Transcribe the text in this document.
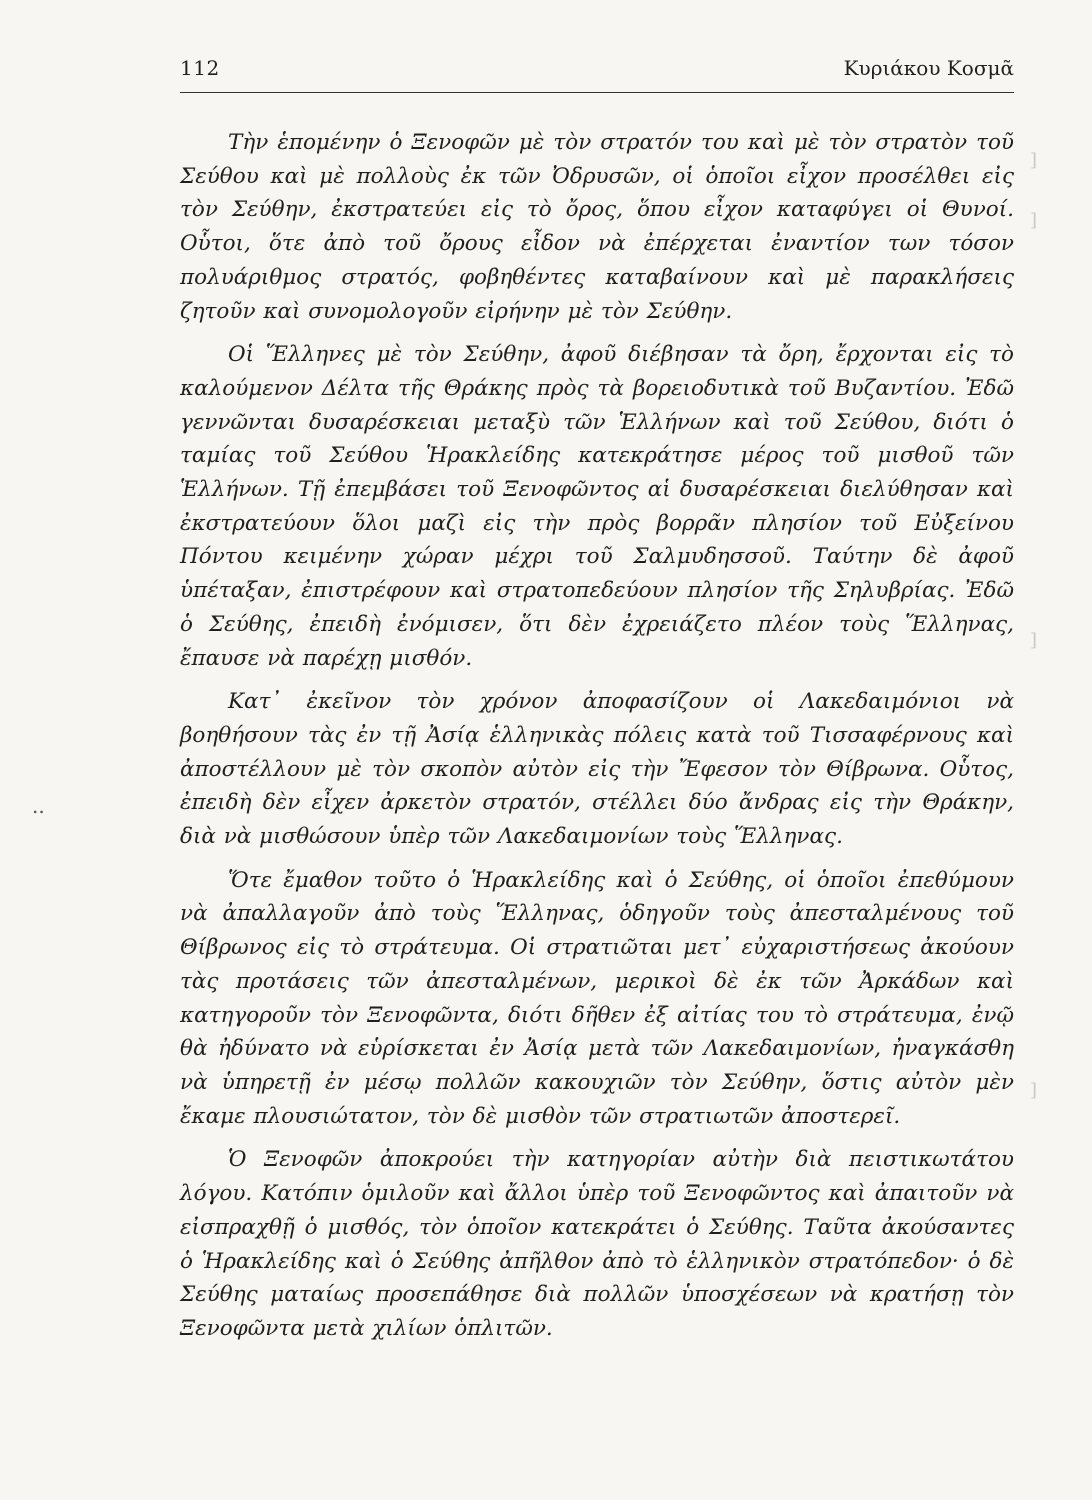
]
]
]
]
112	Κυριάκου Κοσμᾶ
..

Τὴν ἑπομένην ὁ Ξενοφῶν μὲ τὸν στρατόν του καὶ μὲ τὸν στρατὸν τοῦ Σεύθου καὶ μὲ πολλοὺς ἐκ τῶν Ὀδρυσῶν, οἱ ὁποῖοι εἶχον προσέλθει εἰς τὸν Σεύθην, ἐκστρατεύει εἰς τὸ ὄρος, ὅπου εἶχον καταφύγει οἱ Θυνοί. Οὗτοι, ὅτε ἀπὸ τοῦ ὄρους εἶδον νὰ ἐπέρχεται ἐναντίον των τόσον πολυάριθμος στρατός, φοβηθέντες καταβαίνουν καὶ μὲ παρακλήσεις ζητοῦν καὶ συνομολογοῦν εἰρήνην μὲ τὸν Σεύθην.

Οἱ Ἕλληνες μὲ τὸν Σεύθην, ἀφοῦ διέβησαν τὰ ὄρη, ἔρχονται εἰς τὸ καλούμενον Δέλτα τῆς Θράκης πρὸς τὰ βορειοδυτικὰ τοῦ Βυζαντίου. Ἐδῶ γεννῶνται δυσαρέσκειαι μεταξὺ τῶν Ἑλλήνων καὶ τοῦ Σεύθου, διότι ὁ ταμίας τοῦ Σεύθου Ἡρακλείδης κατεκράτησε μέρος τοῦ μισθοῦ τῶν Ἑλλήνων. Τῇ ἐπεμβάσει τοῦ Ξενοφῶντος αἱ δυσαρέσκειαι διελύθησαν καὶ ἐκστρατεύουν ὅλοι μαζὶ εἰς τὴν πρὸς βορρᾶν πλησίον τοῦ Εὐξείνου Πόντου κειμένην χώραν μέχρι τοῦ Σαλμυδησσοῦ. Ταύτην δὲ ἀφοῦ ὑπέταξαν, ἐπιστρέφουν καὶ στρατοπεδεύουν πλησίον τῆς Σηλυβρίας. Ἐδῶ ὁ Σεύθης, ἐπειδὴ ἐνόμισεν, ὅτι δὲν ἐχρειάζετο πλέον τοὺς Ἕλληνας, ἔπαυσε νὰ παρέχῃ μισθόν.

Κατ᾽ ἐκεῖνον τὸν χρόνον ἀποφασίζουν οἱ Λακεδαιμόνιοι νὰ βοηθήσουν τὰς ἐν τῇ Ἀσίᾳ ἑλληνικὰς πόλεις κατὰ τοῦ Τισσαφέρνους καὶ ἀποστέλλουν μὲ τὸν σκοπὸν αὐτὸν εἰς τὴν Ἔφεσον τὸν Θίβρωνα. Οὗτος, ἐπειδὴ δὲν εἶχεν ἀρκετὸν στρατόν, στέλλει δύο ἄνδρας εἰς τὴν Θράκην, διὰ νὰ μισθώσουν ὑπὲρ τῶν Λακεδαιμονίων τοὺς Ἕλληνας.

Ὅτε ἔμαθον τοῦτο ὁ Ἡρακλείδης καὶ ὁ Σεύθης, οἱ ὁποῖοι ἐπεθύμουν νὰ ἀπαλλαγοῦν ἀπὸ τοὺς Ἕλληνας, ὁδηγοῦν τοὺς ἀπεσταλμένους τοῦ Θίβρωνος εἰς τὸ στράτευμα. Οἱ στρατιῶται μετ᾽ εὐχαριστήσεως ἀκούουν τὰς προτάσεις τῶν ἀπεσταλμένων, μερικοὶ δὲ ἐκ τῶν Ἀρκάδων καὶ κατηγοροῦν τὸν Ξενοφῶντα, διότι δῆθεν ἐξ αἰτίας του τὸ στράτευμα, ἐνῷ θὰ ἠδύνατο νὰ εὑρίσκεται ἐν Ἀσίᾳ μετὰ τῶν Λακεδαιμονίων, ἠναγκάσθη νὰ ὑπηρετῇ ἐν μέσῳ πολλῶν κακουχιῶν τὸν Σεύθην, ὅστις αὐτὸν μὲν ἔκαμε πλουσιώτατον, τὸν δὲ μισθὸν τῶν στρατιωτῶν ἀποστερεῖ.

Ὁ Ξενοφῶν ἀποκρούει τὴν κατηγορίαν αὐτὴν διὰ πειστικωτάτου λόγου. Κατόπιν ὁμιλοῦν καὶ ἄλλοι ὑπὲρ τοῦ Ξενοφῶντος καὶ ἀπαιτοῦν νὰ εἰσπραχθῇ ὁ μισθός, τὸν ὁποῖον κατεκράτει ὁ Σεύθης. Ταῦτα ἀκούσαντες ὁ Ἡρακλείδης καὶ ὁ Σεύθης ἀπῆλθον ἀπὸ τὸ ἑλληνικὸν στρατόπεδον· ὁ δὲ Σεύθης ματαίως προσεπάθησε διὰ πολλῶν ὑποσχέσεων νὰ κρατήσῃ τὸν Ξενοφῶντα μετὰ χιλίων ὁπλιτῶν.
